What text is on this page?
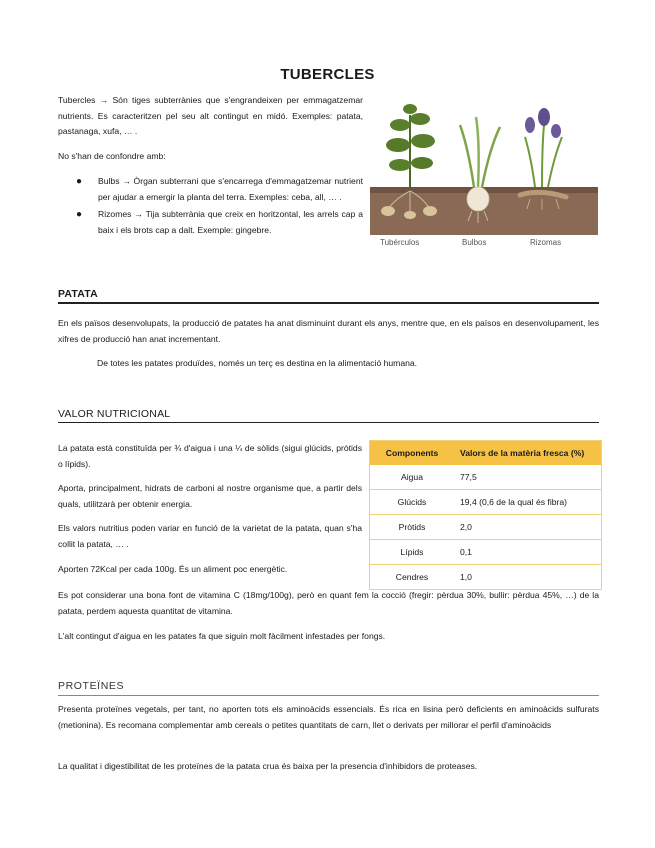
TUBERCLES

Tubercles → Són tiges subterrànies que s'engrandeixen per emmagatzemar nutrients. Es caracteritzen pel seu alt contingut en midó. Exemples: patata, pastanaga, xufa, … .

No s'han de confondre amb:

● Bulbs → Òrgan subterrani que s'encarrega d'emmagatzemar nutrient per ajudar a emergir la planta del terra. Exemples: ceba, all, … .
● Rizomes → Tija subterrània que creix en horitzontal, les arrels cap a baix i els brots cap a dalt. Exemple: gingebre.
Tubérculos	Bulbos	Rizomas
PATATA

En els països desenvolupats, la producció de patates ha anat disminuint durant els anys, mentre que, en els països en desenvolupament, les xifres de producció han anat incrementant.

De totes les patates produïdes, només un terç es destina en la alimentació humana.

VALOR NUTRICIONAL

La patata està constituïda per ¾ d'aigua i una ¼ de sòlids (sigui glúcids, pròtids o lípids).

Aporta, principalment, hidrats de carboni al nostre organisme que, a partir dels quals, utilitzarà per obtenir energia.

Els valors nutritius poden variar en funció de la varietat de la patata, quan s'ha collit la patata, … .

Aporten 72Kcal per cada 100g. És un aliment poc energètic.

Components	Valors de la matèria fresca (%)
Aigua	77,5
Glúcids	19,4 (0,6 de la qual és fibra)
Pròtids	2,0
Lípids	0,1
Cendres	1,0

Es pot considerar una bona font de vitamina C (18mg/100g), però en quant fem la cocció (fregir: pèrdua 30%, bullir: pèrdua 45%, …) de la patata, perdem aquesta quantitat de vitamina.

L'alt contingut d'aigua en les patates fa que siguin molt fàcilment infestades per fongs.

PROTEÏNES

Presenta proteïnes vegetals, per tant, no aporten tots els aminoàcids essencials. És rica en lisina però deficients en aminoàcids sulfurats (metionina). Es recomana complementar amb cereals o petites quantitats de carn, llet o derivats per millorar el perfil d'aminoàcids

La qualitat i digestibilitat de les proteïnes de la patata crua és baixa per la presencia d'inhibidors de proteases.
